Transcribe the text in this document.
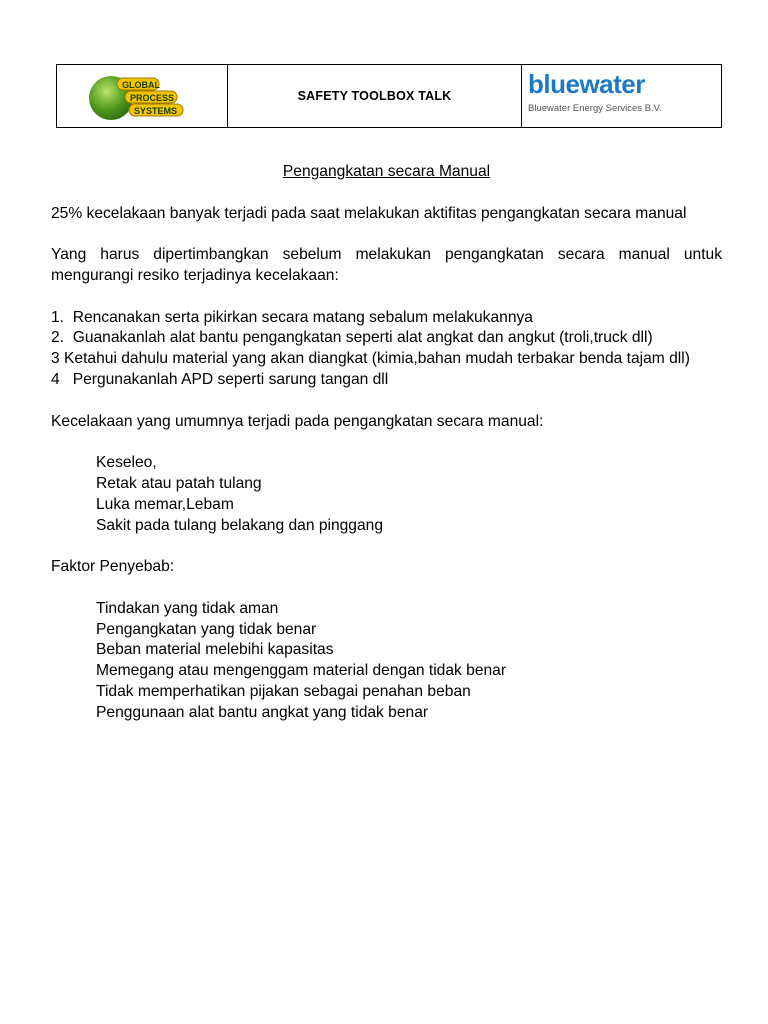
GLOBAL
PROCESS
SYSTEMS
SAFETY TOOLBOX TALK	bluewater
Bluewater Energy Services B.V.

Pengangkatan secara Manual

25% kecelakaan banyak terjadi pada saat melakukan aktifitas pengangkatan secara manual

Yang harus dipertimbangkan sebelum melakukan pengangkatan secara manual untuk mengurangi resiko terjadinya kecelakaan:

1. Rencanakan serta pikirkan secara matang sebalum melakukannya
2. Guanakanlah alat bantu pengangkatan seperti alat angkat dan angkut (troli,truck dll)
3 Ketahui dahulu material yang akan diangkat (kimia,bahan mudah terbakar benda tajam dll)
4 Pergunakanlah APD seperti sarung tangan dll

Kecelakaan yang umumnya terjadi pada pengangkatan secara manual:

Keseleo,
Retak atau patah tulang
Luka memar,Lebam
Sakit pada tulang belakang dan pinggang

Faktor Penyebab:

Tindakan yang tidak aman
Pengangkatan yang tidak benar
Beban material melebihi kapasitas
Memegang atau mengenggam material dengan tidak benar
Tidak memperhatikan pijakan sebagai penahan beban
Penggunaan alat bantu angkat yang tidak benar
